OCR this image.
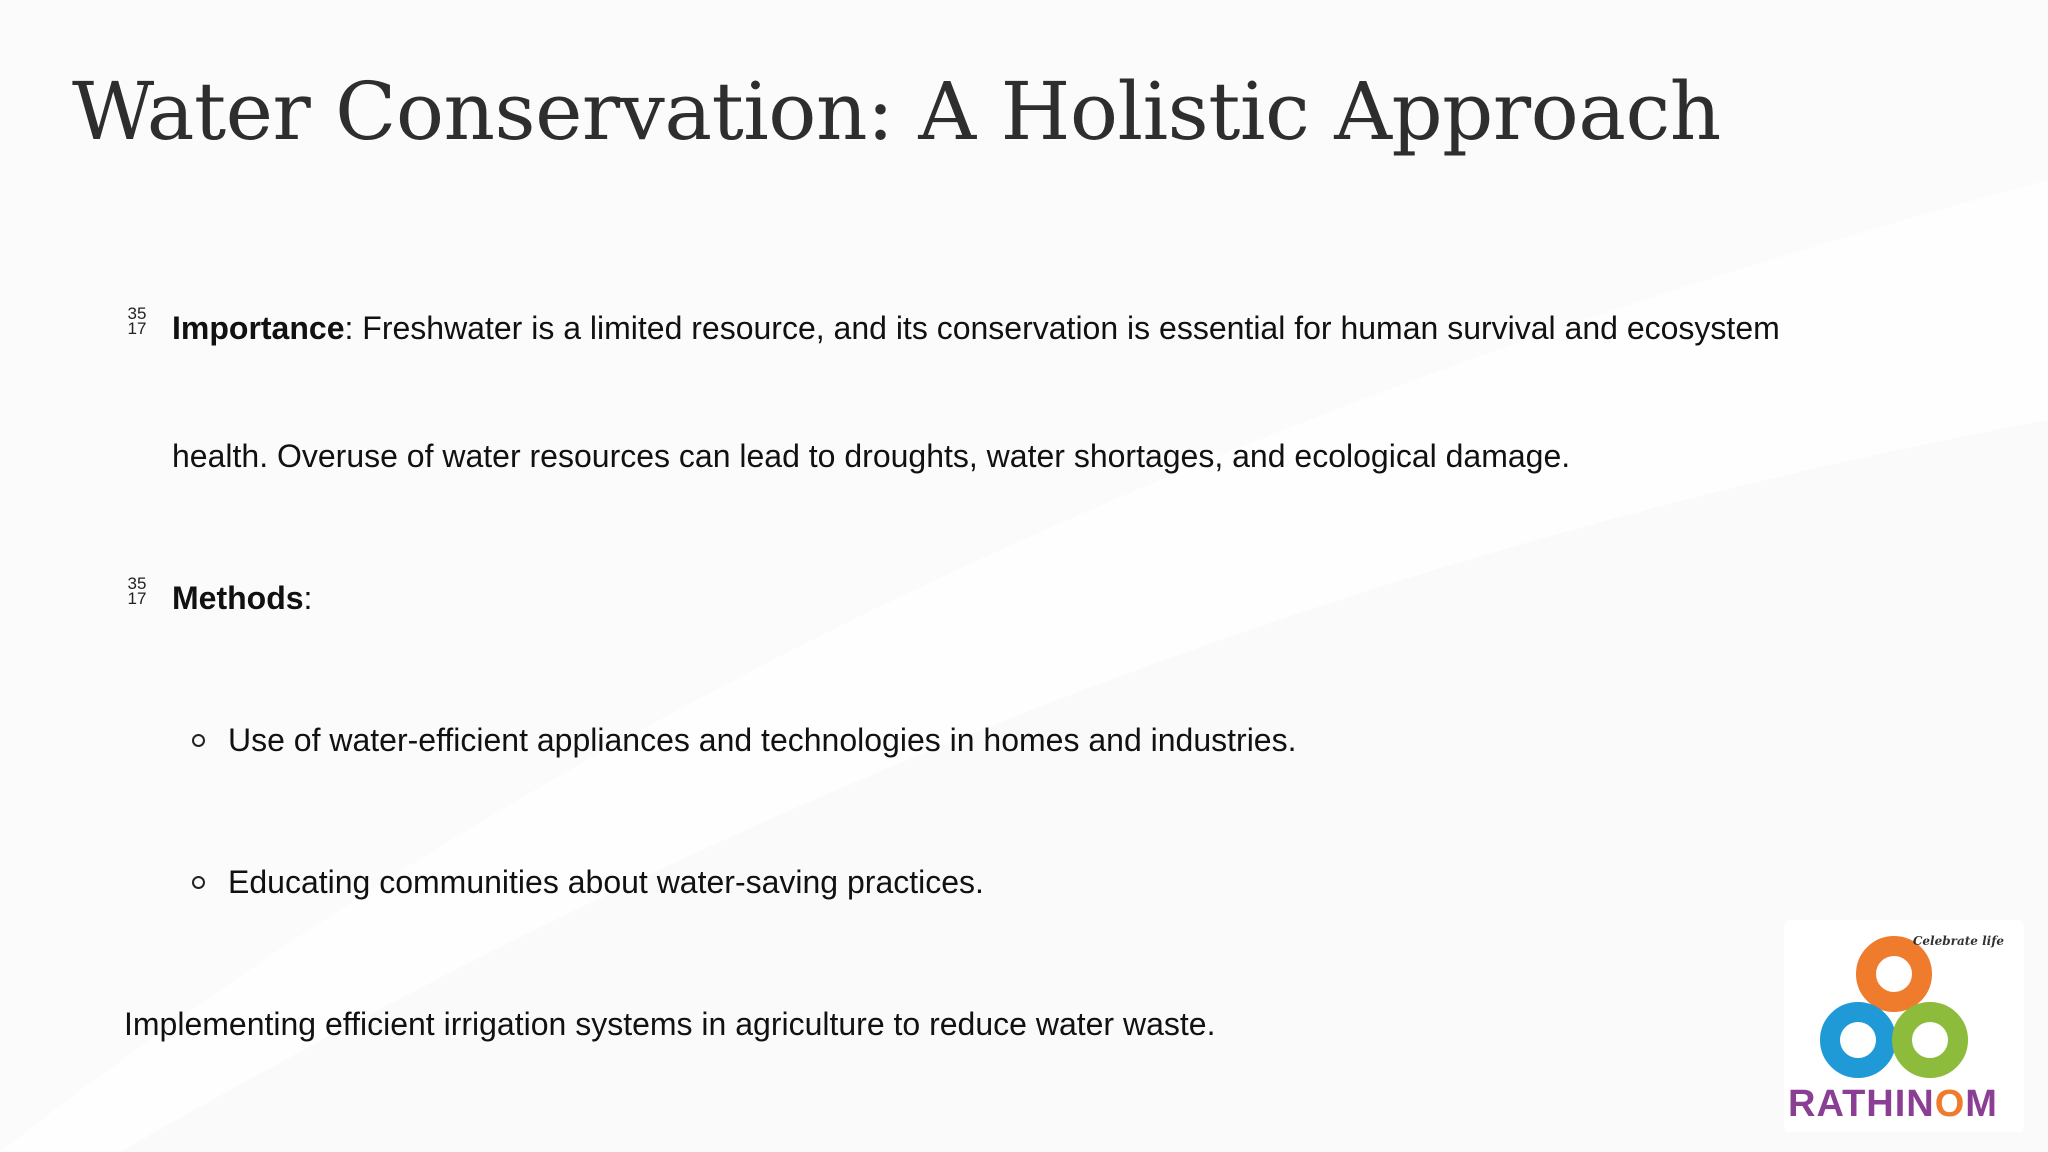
Water Conservation: A Holistic Approach
35
17 Importance: Freshwater is a limited resource, and its conservation is essential for human survival and ecosystem
health. Overuse of water resources can lead to droughts, water shortages, and ecological damage.
35
17 Methods:
Use of water-efficient appliances and technologies in homes and industries.
Educating communities about water-saving practices.
Implementing efficient irrigation systems in agriculture to reduce water waste.
Celebrate life
RATHINOM
